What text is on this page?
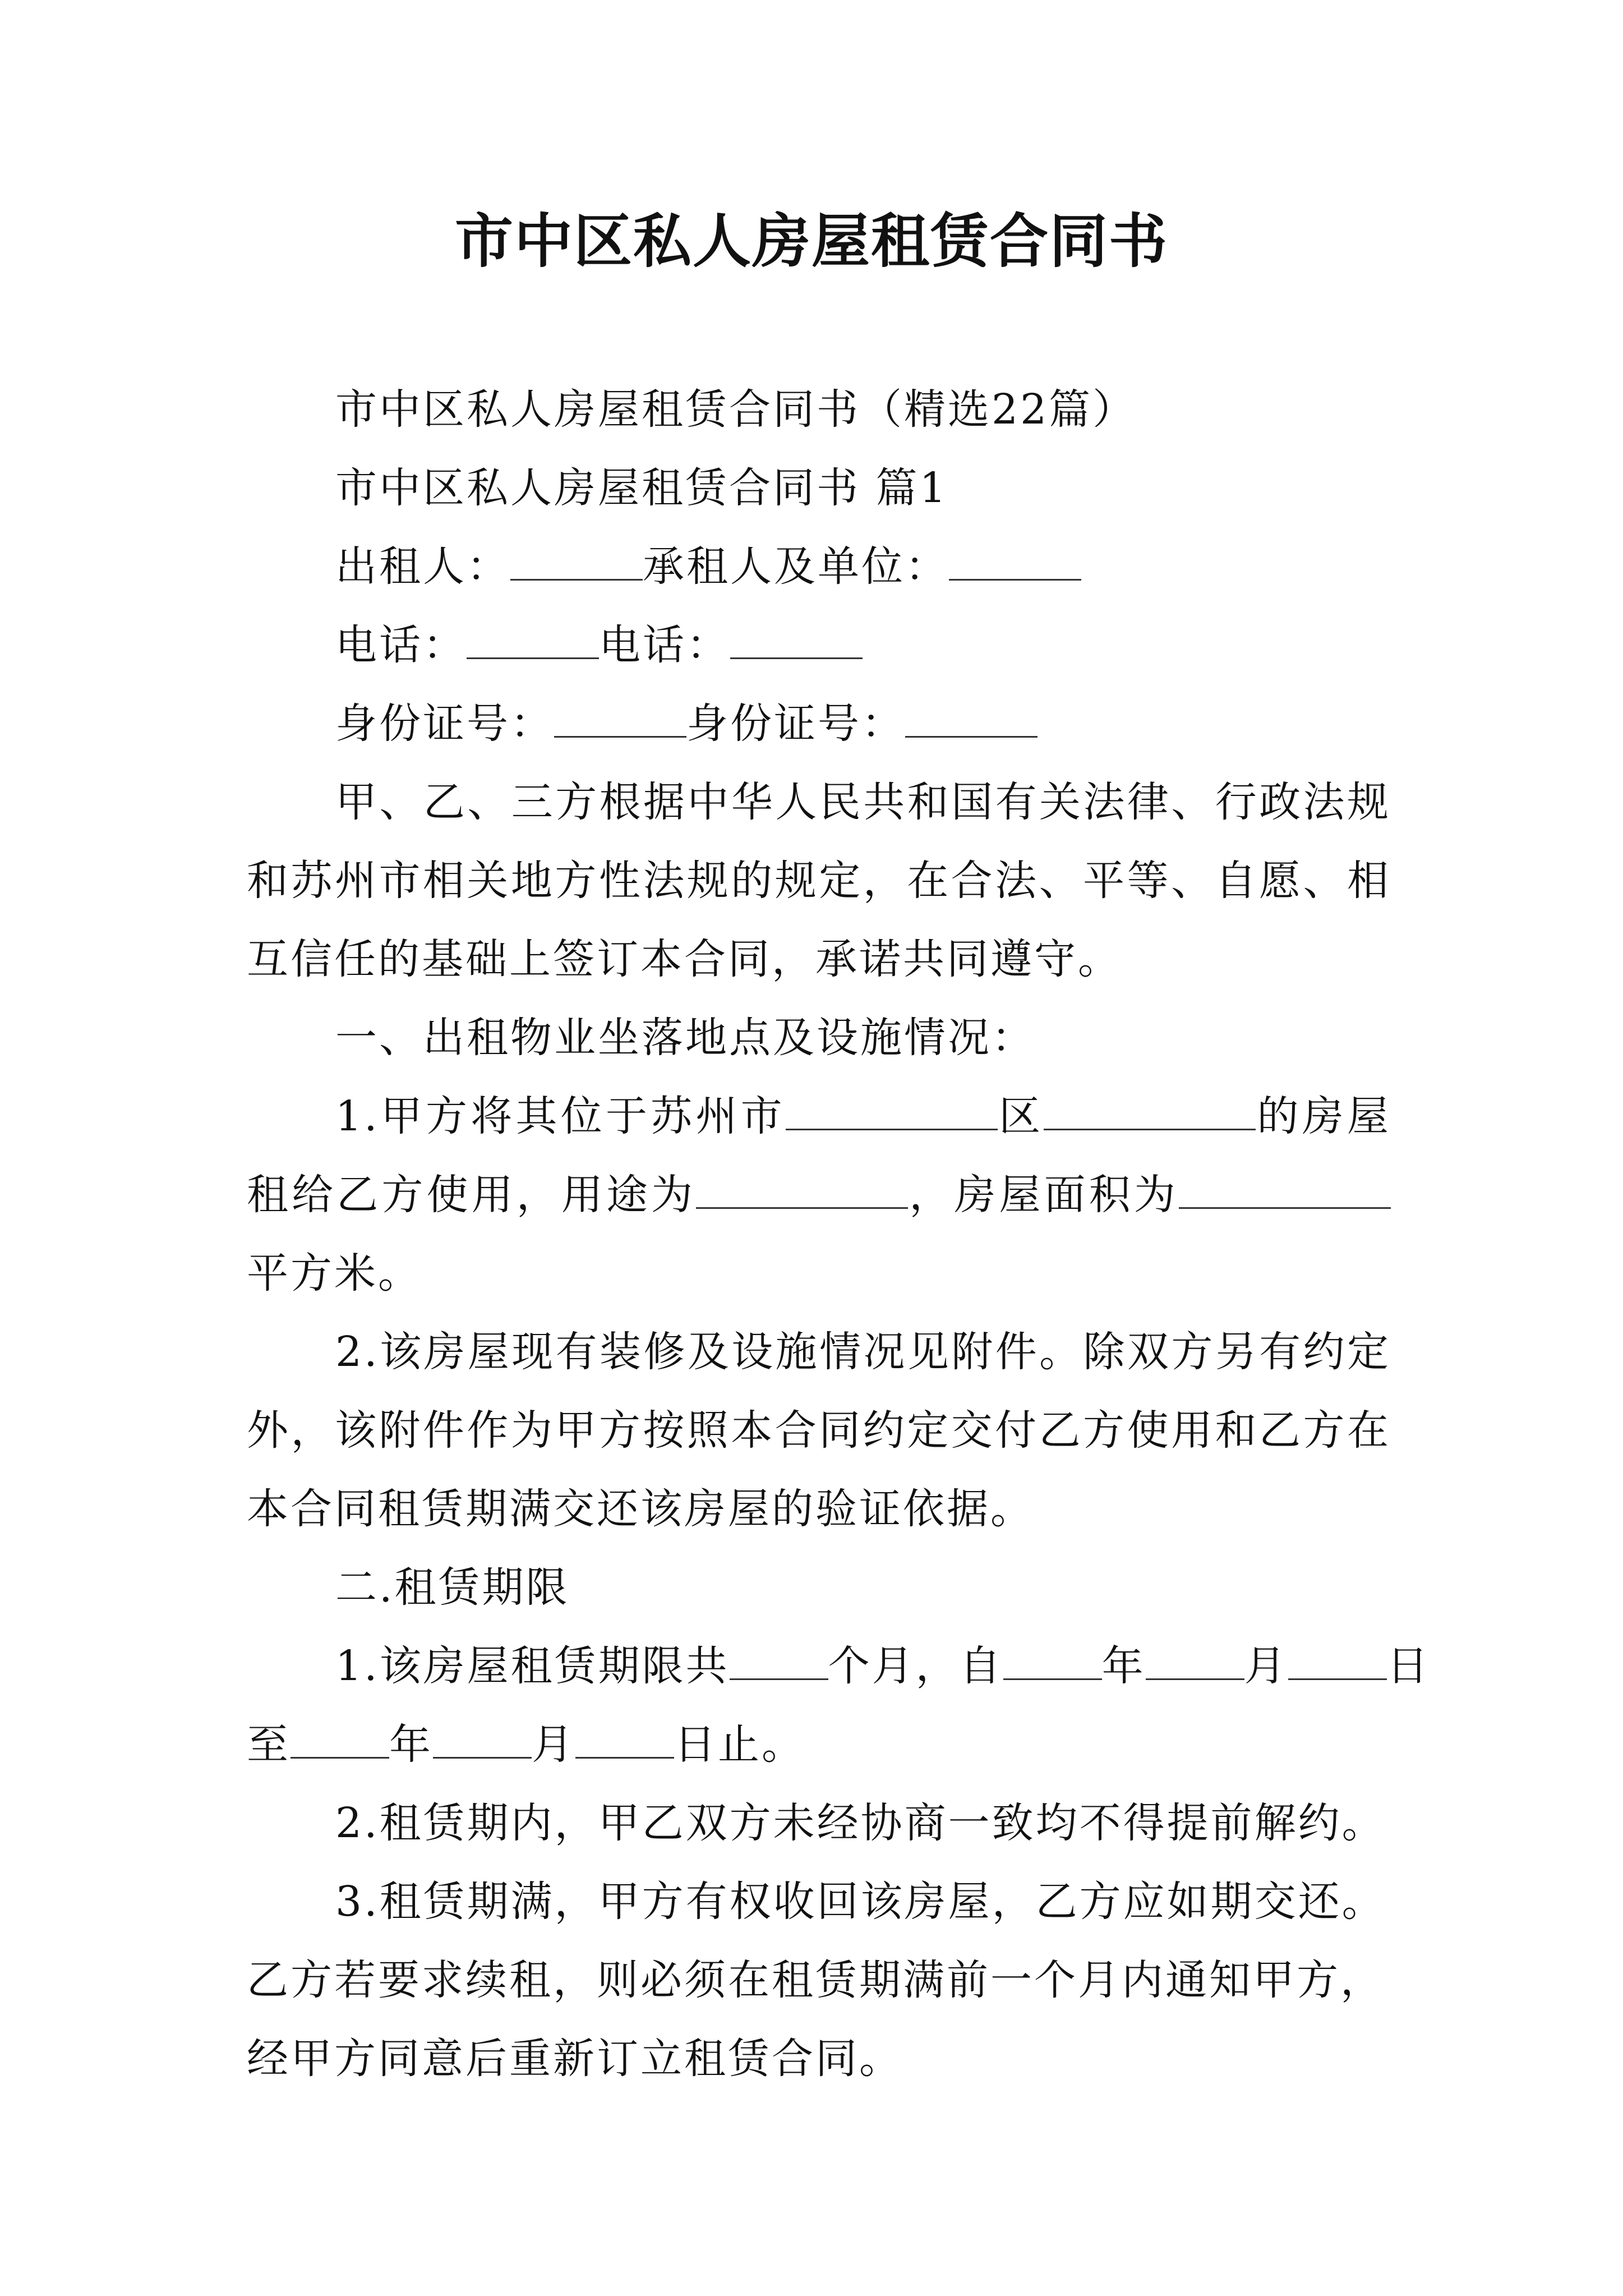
市中区私人房屋租赁合同书

市中区私人房屋租赁合同书（精选22篇）

市中区私人房屋租赁合同书 篇1

出租人：	承租人及单位：

电话：	电话：

身份证号：	身份证号：

甲、乙、三方根据中华人民共和国有关法律、行政法规

和苏州市相关地方性法规的规定，在合法、平等、自愿、相

互信任的基础上签订本合同，承诺共同遵守。

一、出租物业坐落地点及设施情况：

1.甲方将其位于苏州市	区	的房屋

租给乙方使用，用途为	，房屋面积为

平方米。

2.该房屋现有装修及设施情况见附件。除双方另有约定

外，该附件作为甲方按照本合同约定交付乙方使用和乙方在

本合同租赁期满交还该房屋的验证依据。

二.租赁期限

1.该房屋租赁期限共 个月，自 年 月 日

至 年 月 日止。

2.租赁期内，甲乙双方未经协商一致均不得提前解约。

3.租赁期满，甲方有权收回该房屋，乙方应如期交还。

乙方若要求续租，则必须在租赁期满前一个月内通知甲方，

经甲方同意后重新订立租赁合同。
